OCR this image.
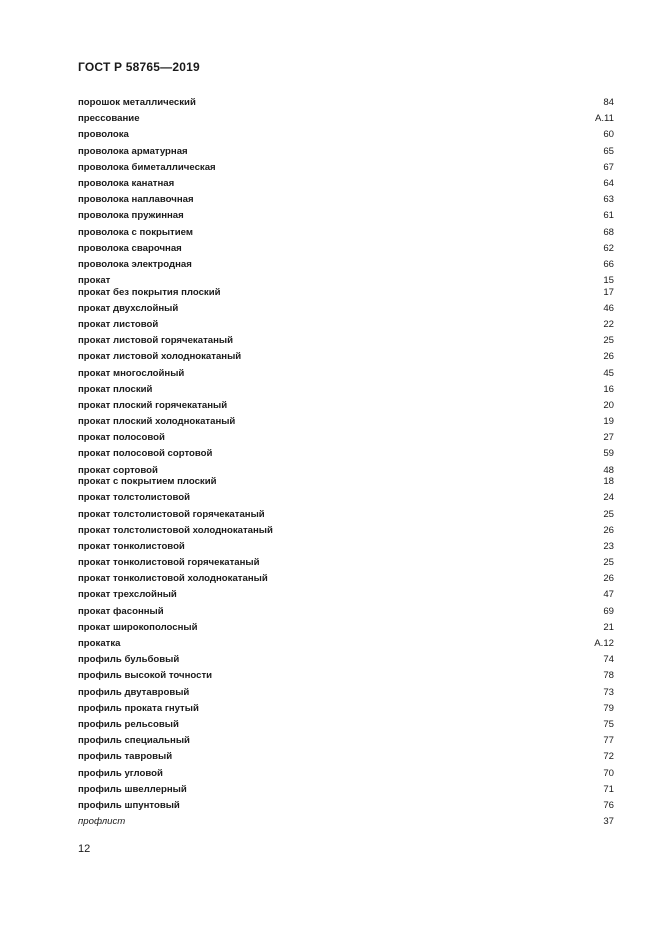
ГОСТ Р 58765—2019
порошок металлический	84
прессование	А.11
проволока	60
проволока арматурная	65
проволока биметаллическая	67
проволока канатная	64
проволока наплавочная	63
проволока пружинная	61
проволока с покрытием	68
проволока сварочная	62
проволока электродная	66
прокат	15
прокат без покрытия плоский	17
прокат двухслойный	46
прокат листовой	22
прокат листовой горячекатаный	25
прокат листовой холоднокатаный	26
прокат многослойный	45
прокат плоский	16
прокат плоский горячекатаный	20
прокат плоский холоднокатаный	19
прокат полосовой	27
прокат полосовой сортовой	59
прокат сортовой	48
прокат с покрытием плоский	18
прокат толстолистовой	24
прокат толстолистовой горячекатаный	25
прокат толстолистовой холоднокатаный	26
прокат тонколистовой	23
прокат тонколистовой горячекатаный	25
прокат тонколистовой холоднокатаный	26
прокат трехслойный	47
прокат фасонный	69
прокат широкополосный	21
прокатка	А.12
профиль бульбовый	74
профиль высокой точности	78
профиль двутавровый	73
профиль проката гнутый	79
профиль рельсовый	75
профиль специальный	77
профиль тавровый	72
профиль угловой	70
профиль швеллерный	71
профиль шпунтовый	76
профлист	37
12
